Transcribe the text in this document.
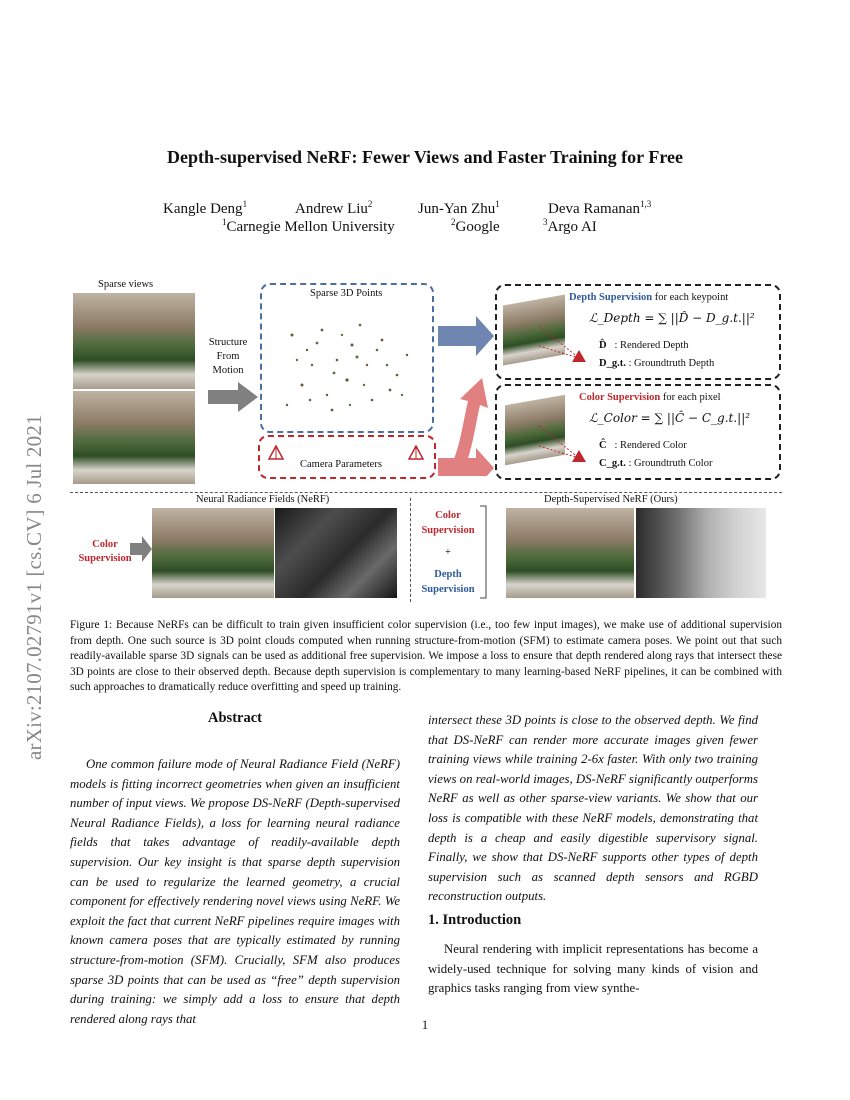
arXiv:2107.02791v1 [cs.CV] 6 Jul 2021
Depth-supervised NeRF: Fewer Views and Faster Training for Free
Kangle Deng$^1$	Andrew Liu$^2$	Jun-Yan Zhu$^1$	Deva Ramanan$^{1,3}$
$^1$Carnegie Mellon University	$^2$Google	$^3$Argo AI
Sparse views
Structure
From
Motion
Sparse 3D Points
Camera Parameters
Depth Supervision for each keypoint
ℒ_Depth = ∑ ||D̂ − D_g.t.||²
D̂ : Rendered Depth
D_g.t. : Groundtruth Depth
Color Supervision for each pixel
ℒ_Color = ∑ ||Ĉ − C_g.t.||²
Ĉ : Rendered Color
C_g.t. : Groundtruth Color
Color
Supervision
Neural Radiance Fields (NeRF)
Color
Supervision
+
Depth
Supervision
Depth-Supervised NeRF (Ours)
Figure 1: Because NeRFs can be difficult to train given insufficient color supervision (i.e., too few input images), we make use of additional supervision from depth. One such source is 3D point clouds computed when running structure-from-motion (SFM) to estimate camera poses. We point out that such readily-available sparse 3D signals can be used as additional free supervision. We impose a loss to ensure that depth rendered along rays that intersect these 3D points are close to their observed depth. Because depth supervision is complementary to many learning-based NeRF pipelines, it can be combined with such approaches to dramatically reduce overfitting and speed up training.
Abstract
One common failure mode of Neural Radiance Field (NeRF) models is fitting incorrect geometries when given an insufficient number of input views. We propose DS-NeRF (Depth-supervised Neural Radiance Fields), a loss for learning neural radiance fields that takes advantage of readily-available depth supervision. Our key insight is that sparse depth supervision can be used to regularize the learned geometry, a crucial component for effectively rendering novel views using NeRF. We exploit the fact that current NeRF pipelines require images with known camera poses that are typically estimated by running structure-from-motion (SFM). Crucially, SFM also produces sparse 3D points that can be used as “free” depth supervision during training: we simply add a loss to ensure that depth rendered along rays that
intersect these 3D points is close to the observed depth. We find that DS-NeRF can render more accurate images given fewer training views while training 2-6x faster. With only two training views on real-world images, DS-NeRF significantly outperforms NeRF as well as other sparse-view variants. We show that our loss is compatible with these NeRF models, demonstrating that depth is a cheap and easily digestible supervisory signal. Finally, we show that DS-NeRF supports other types of depth supervision such as scanned depth sensors and RGBD reconstruction outputs.
1. Introduction
Neural rendering with implicit representations has become a widely-used technique for solving many kinds of vision and graphics tasks ranging from view synthe-
1
